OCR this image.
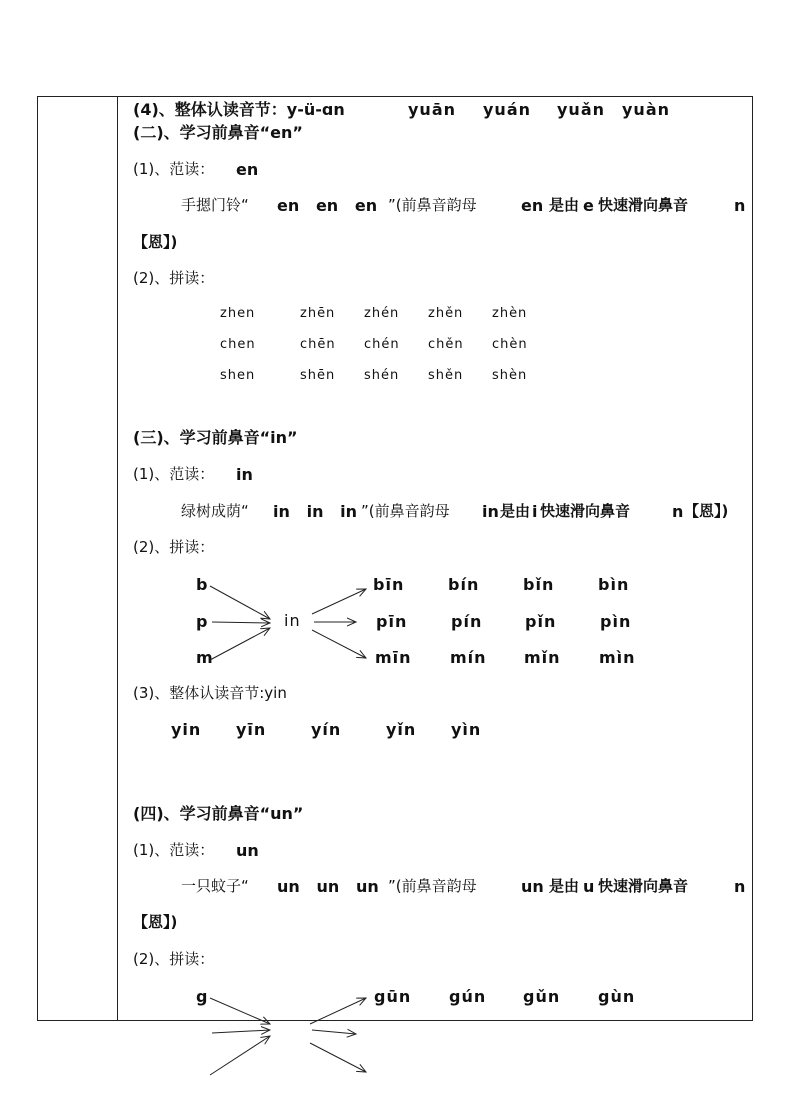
(4)、整体认读音节：y-ü-ɑn	yuān yuán yuǎn yuàn
(二)、学习前鼻音“en”
(1)、范读： en
手摁门铃“ en   en   en ”(前鼻音韵母	en 是由 e 快速滑向鼻音	n
【恩】)
(2)、拼读：
zhen	zhēn zhén zhěn zhèn
chen	chēn chén chěn chèn
shen	shēn shén shěn shèn
(三)、学习前鼻音“in”
(1)、范读： in
绿树成荫“ in   in   in ”(前鼻音韵母 in 是由 i 快速滑向鼻音	n 【恩】)
(2)、拼读：
b
p
m
in
bīn	bín	bǐn	bìn
pīn	pín	pǐn	pìn
mīn mín mǐn mìn
(3)、整体认读音节:yin
yin yīn	yín	yǐn yìn
(四)、学习前鼻音“un”
(1)、范读： un
一只蚊子“ un   un   un ”(前鼻音韵母	un 是由 u 快速滑向鼻音	n
【恩】)
(2)、拼读：
g	gūn gún gǔn gùn
